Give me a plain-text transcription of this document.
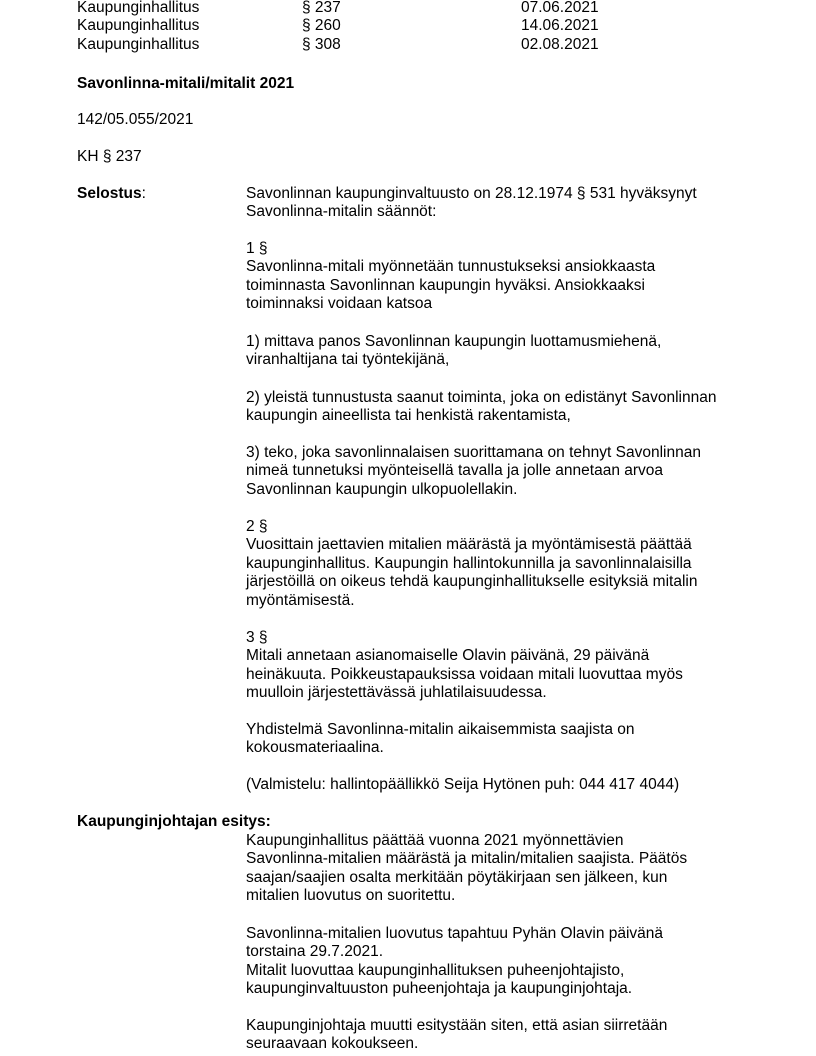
Kaupunginhallitus	§ 237	07.06.2021
Kaupunginhallitus	§ 260	14.06.2021
Kaupunginhallitus	§ 308	02.08.2021
Savonlinna-mitali/mitalit 2021
142/05.055/2021
KH § 237
Selostus:	Savonlinnan kaupunginvaltuusto on 28.12.1974 § 531 hyväksynyt
Savonlinna-mitalin säännöt:
1 §
Savonlinna-mitali myönnetään tunnustukseksi ansiokkaasta
toiminnasta Savonlinnan kaupungin hyväksi. Ansiokkaaksi
toiminnaksi voidaan katsoa
1) mittava panos Savonlinnan kaupungin luottamusmiehenä,
viranhaltijana tai työntekijänä,
2) yleistä tunnustusta saanut toiminta, joka on edistänyt Savonlinnan
kaupungin aineellista tai henkistä rakentamista,
3) teko, joka savonlinnalaisen suorittamana on tehnyt Savonlinnan
nimeä tunnetuksi myönteisellä tavalla ja jolle annetaan arvoa
Savonlinnan kaupungin ulkopuolellakin.
2 §
Vuosittain jaettavien mitalien määrästä ja myöntämisestä päättää
kaupunginhallitus. Kaupungin hallintokunnilla ja savonlinnalaisilla
järjestöillä on oikeus tehdä kaupunginhallitukselle esityksiä mitalin
myöntämisestä.
3 §
Mitali annetaan asianomaiselle Olavin päivänä, 29 päivänä
heinäkuuta. Poikkeustapauksissa voidaan mitali luovuttaa myös
muulloin järjestettävässä juhlatilaisuudessa.
Yhdistelmä Savonlinna-mitalin aikaisemmista saajista on
kokousmateriaalina.
(Valmistelu: hallintopäällikkö Seija Hytönen puh: 044 417 4044)
Kaupunginjohtajan esitys:
Kaupunginhallitus päättää vuonna 2021 myönnettävien
Savonlinna-mitalien määrästä ja mitalin/mitalien saajista. Päätös
saajan/saajien osalta merkitään pöytäkirjaan sen jälkeen, kun
mitalien luovutus on suoritettu.
Savonlinna-mitalien luovutus tapahtuu Pyhän Olavin päivänä
torstaina 29.7.2021.
Mitalit luovuttaa kaupunginhallituksen puheenjohtajisto,
kaupunginvaltuuston puheenjohtaja ja kaupunginjohtaja.
Kaupunginjohtaja muutti esitystään siten, että asian siirretään
seuraavaan kokoukseen.
